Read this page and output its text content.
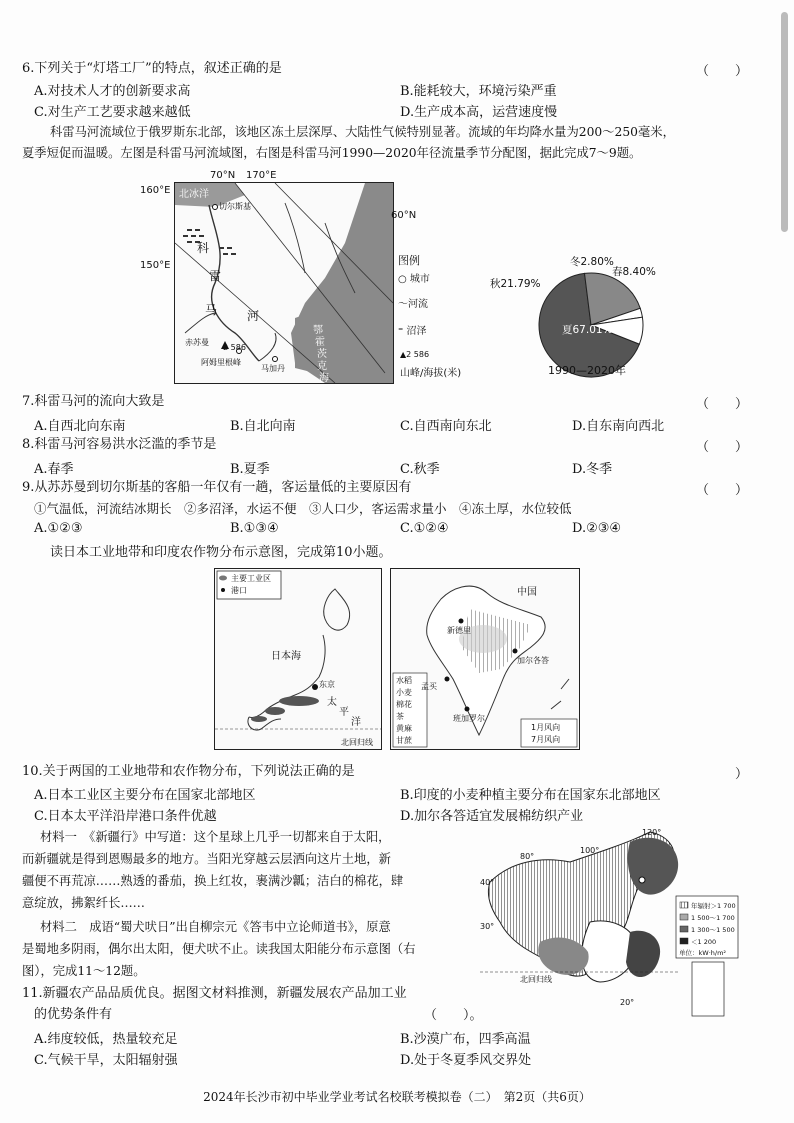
6.下列关于“灯塔工厂”的特点，叙述正确的是	（　　）
A.对技术人才的创新要求高	B.能耗较大，环境污染严重
C.对生产工艺要求越来越低	D.生产成本高，运营速度慢
科雷马河流域位于俄罗斯东北部，该地区冻土层深厚、大陆性气候特别显著。流域的年均降水量为200～250毫米，
夏季短促而温暖。左图是科雷马河流域图，右图是科雷马河1990—2020年径流量季节分配图，据此完成7～9题。
70°N 170°E
160°E
150°E
北冰洋
切尔斯基
科
雷
马 河
赤苏曼
2 586
阿姆里根峰
马加丹
鄂
霍
茨
克
海
60°N
图例
○ 城市
〜河流
⁼ 沼泽
▲2 586
山峰/海拔(米)
冬2.80%
春8.40%
秋21.79%
夏67.01%
1990—2020年
7.科雷马河的流向大致是	（　　）
A.自西北向东南	B.自北向南	C.自西南向东北	D.自东南向西北
8.科雷马河容易洪水泛滥的季节是	（　　）
A.春季	B.夏季	C.秋季	D.冬季
9.从苏苏曼到切尔斯基的客船一年仅有一趟，客运量低的主要原因有	（　　）
①气温低，河流结冰期长　②多沼泽，水运不便　③人口少，客运需求量小　④冻土厚，水位较低
A.①②③	B.①③④	C.①②④	D.②③④
读日本工业地带和印度农作物分布示意图，完成第10小题。
主要工业区
港口
日 本 海
太
平
洋
东京
北回归线
中国
新德里
加尔各答
孟买
班加罗尔
水稻
小麦
棉花
茶
黄麻
甘蔗
1月风向
7月风向
10.关于两国的工业地带和农作物分布，下列说法正确的是	）
A.日本工业区主要分布在国家北部地区	B.印度的小麦种植主要分布在国家东北部地区
C.日本太平洋沿岸港口条件优越	D.加尔各答适宜发展棉纺织产业
材料一　《新疆行》中写道：这个星球上几乎一切都来自于太阳，
而新疆就是得到恩赐最多的地方。当阳光穿越云层洒向这片土地，新
疆便不再荒凉……熟透的番茄，换上红妆，裹满沙瓤；洁白的棉花，肆
意绽放，拂絮纤长……
材料二　成语“蜀犬吠日”出自柳宗元《答韦中立论师道书》，原意
是蜀地多阴雨，偶尔出太阳，便犬吠不止。读我国太阳能分布示意图（右
图），完成11～12题。
120°
40°
30°
20°
80°
100°
北回归线
年辐射＞1 700
1 500～1 700
1 300～1 500
＜1 200
单位：kW·h/m²
11.新疆农产品品质优良。据图文材料推测，新疆发展农产品加工业
的优势条件有	（　　）。
A.纬度较低，热量较充足	B.沙漠广布，四季高温
C.气候干旱，太阳辐射强	D.处于冬夏季风交界处
2024年长沙市初中毕业学业考试名校联考模拟卷（二）　第2页（共6页）
